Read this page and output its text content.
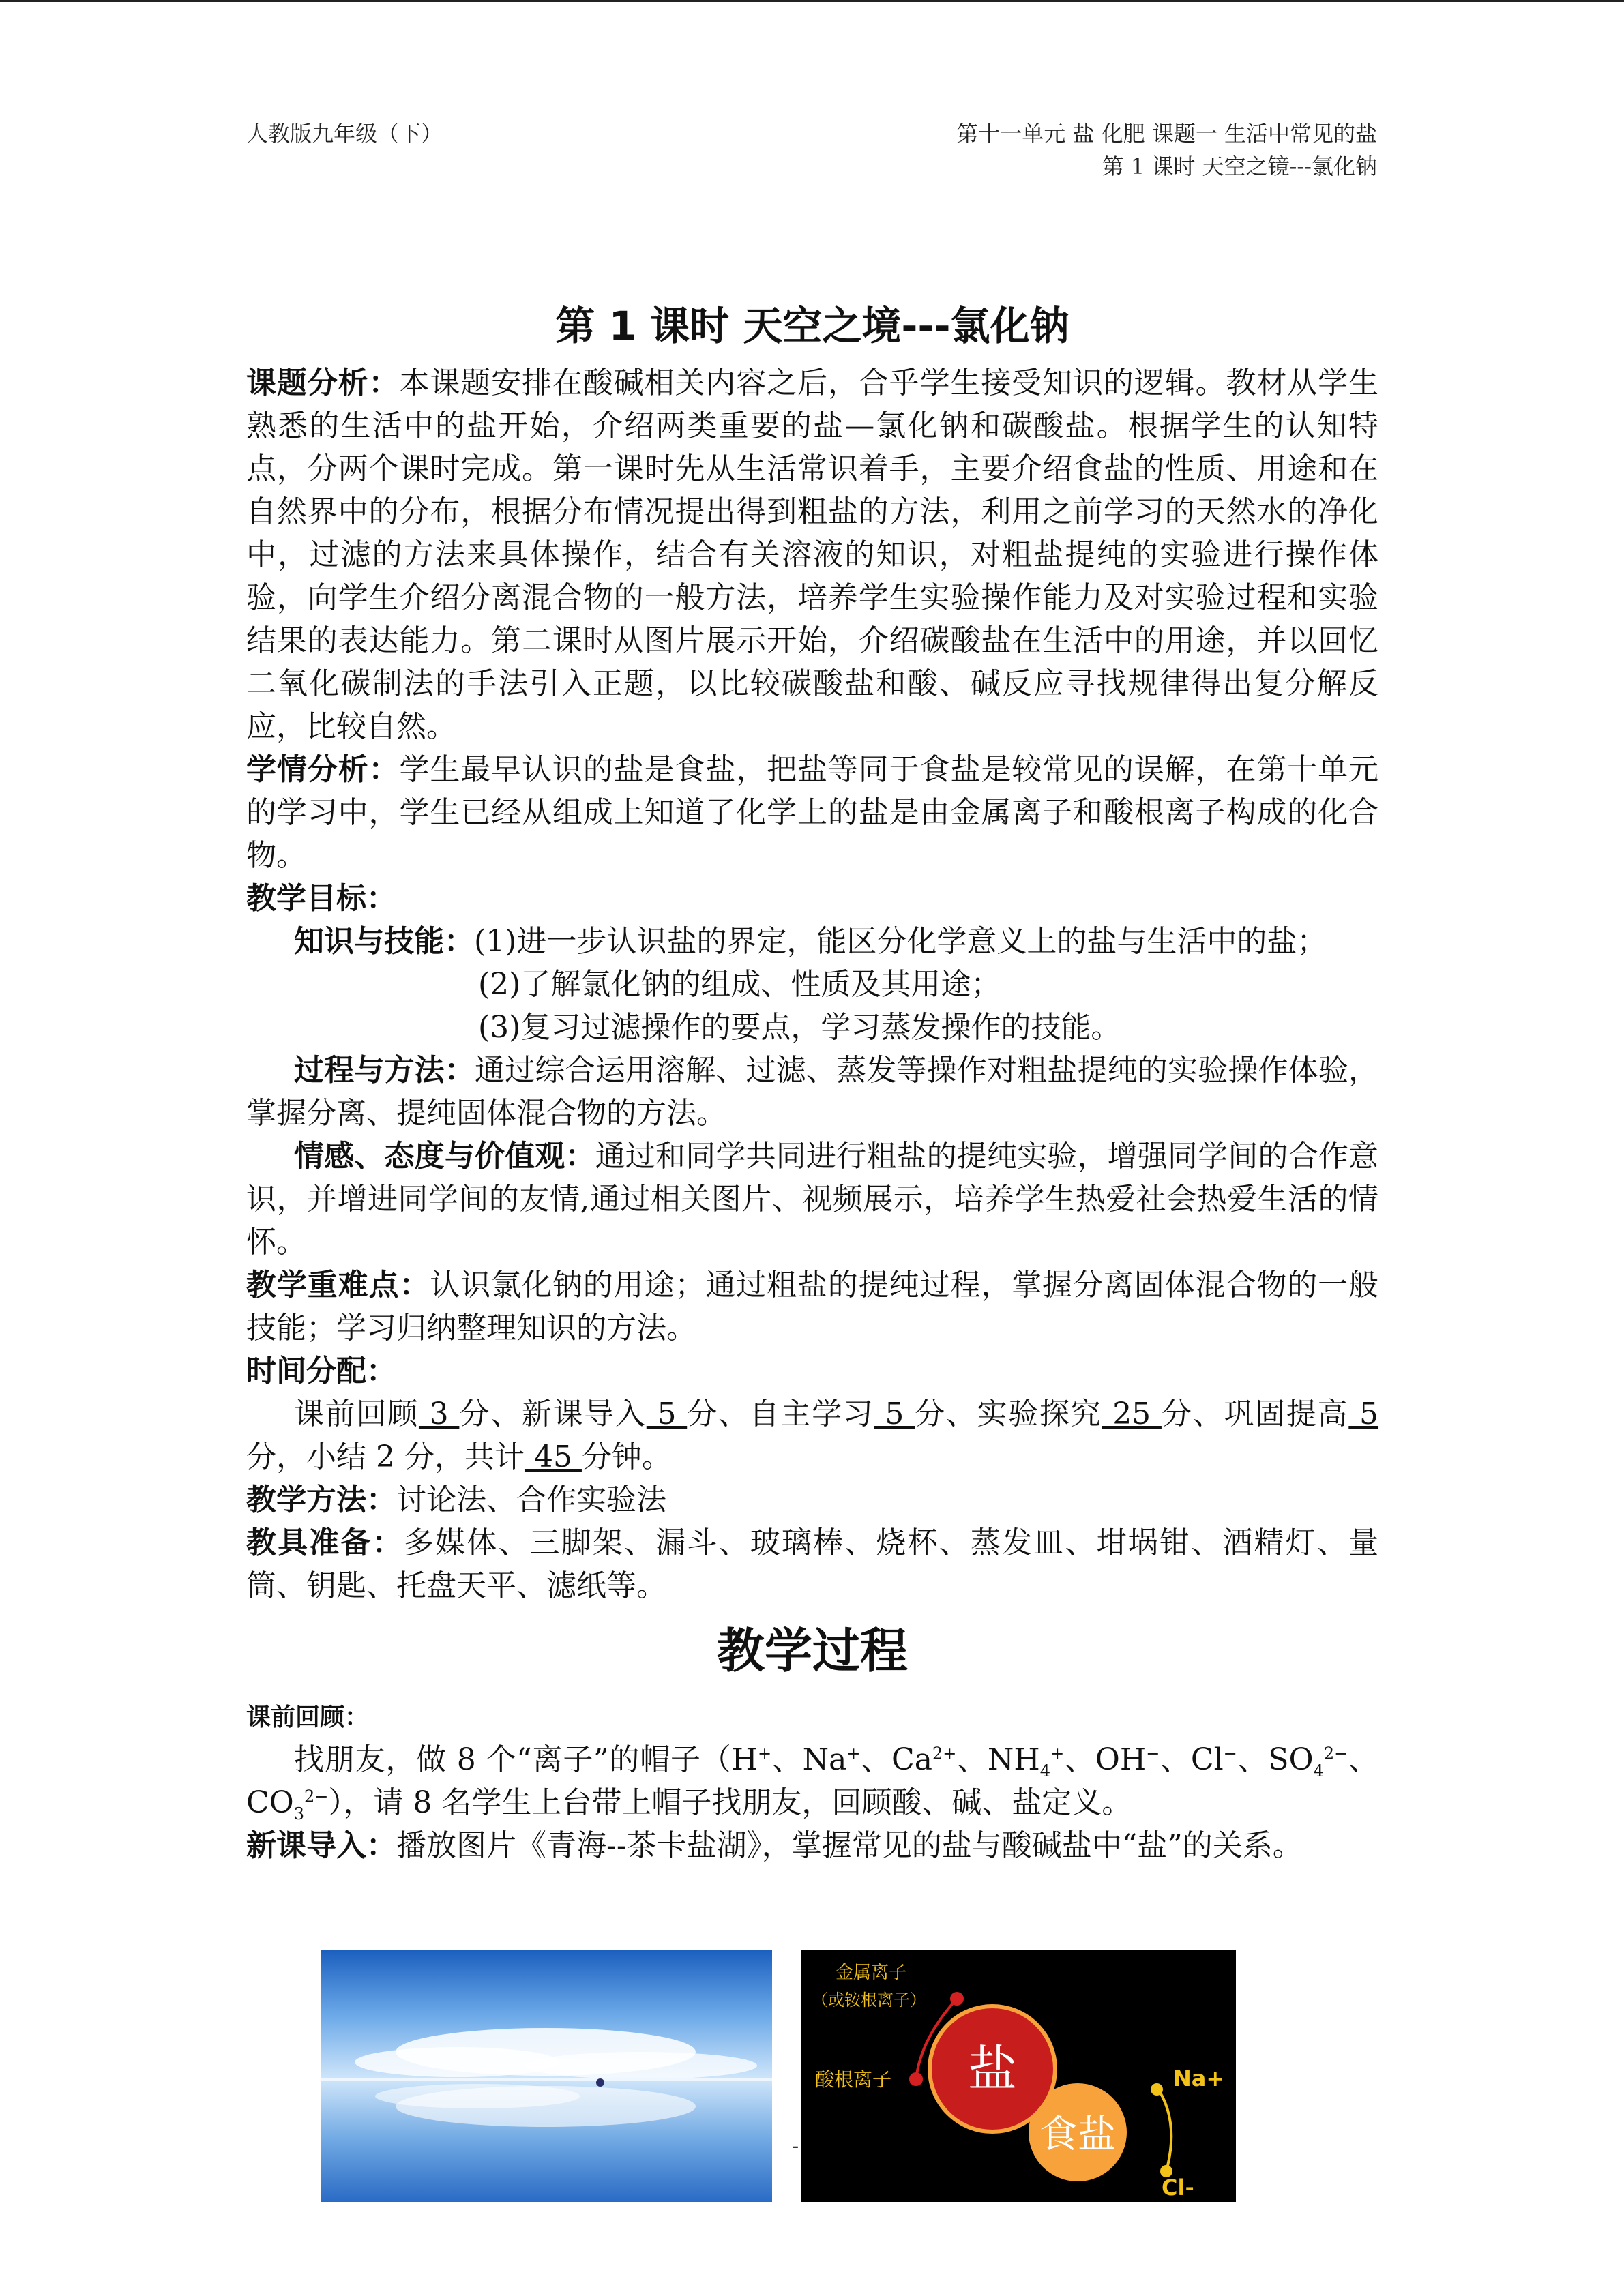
人教版九年级（下）	第十一单元 盐 化肥 课题一 生活中常见的盐
第 1 课时 天空之镜---氯化钠
第 1 课时 天空之境---氯化钠

课题分析：本课题安排在酸碱相关内容之后，合乎学生接受知识的逻辑。教材从学生熟悉的生活中的盐开始，介绍两类重要的盐—氯化钠和碳酸盐。根据学生的认知特点，分两个课时完成。第一课时先从生活常识着手，主要介绍食盐的性质、用途和在自然界中的分布，根据分布情况提出得到粗盐的方法，利用之前学习的天然水的净化中，过滤的方法来具体操作，结合有关溶液的知识，对粗盐提纯的实验进行操作体验，向学生介绍分离混合物的一般方法，培养学生实验操作能力及对实验过程和实验结果的表达能力。第二课时从图片展示开始，介绍碳酸盐在生活中的用途，并以回忆二氧化碳制法的手法引入正题，以比较碳酸盐和酸、碱反应寻找规律得出复分解反应，比较自然。

学情分析：学生最早认识的盐是食盐，把盐等同于食盐是较常见的误解，在第十单元的学习中，学生已经从组成上知道了化学上的盐是由金属离子和酸根离子构成的化合物。

教学目标：

知识与技能：(1)进一步认识盐的界定，能区分化学意义上的盐与生活中的盐；

(2)了解氯化钠的组成、性质及其用途；

(3)复习过滤操作的要点，学习蒸发操作的技能。

过程与方法：通过综合运用溶解、过滤、蒸发等操作对粗盐提纯的实验操作体验，掌握分离、提纯固体混合物的方法。

情感、态度与价值观：通过和同学共同进行粗盐的提纯实验，增强同学间的合作意识，并增进同学间的友情,通过相关图片、视频展示，培养学生热爱社会热爱生活的情怀。

教学重难点：认识氯化钠的用途；通过粗盐的提纯过程，掌握分离固体混合物的一般技能；学习归纳整理知识的方法。

时间分配：

课前回顾 3 分、新课导入 5 分、自主学习 5 分、实验探究 25 分、巩固提高 5 分，小结 2 分，共计 45 分钟。

教学方法：讨论法、合作实验法

教具准备：多媒体、三脚架、漏斗、玻璃棒、烧杯、蒸发皿、坩埚钳、酒精灯、量筒、钥匙、托盘天平、滤纸等。

教学过程
课前回顾：

找朋友，做 8 个“离子”的帽子（H+、Na+、$Ca^{2+}$、$NH_4^+$、OH−、Cl−、$SO_4^{2-}$、$CO_3^{2-}$），请 8 名学生上台带上帽子找朋友，回顾酸、碱、盐定义。

新课导入：播放图片《青海--茶卡盐湖》，掌握常见的盐与酸碱盐中“盐”的关系。

金属离子
（或铵根离子）
酸根离子 盐
食盐
Na+
Cl-
-
